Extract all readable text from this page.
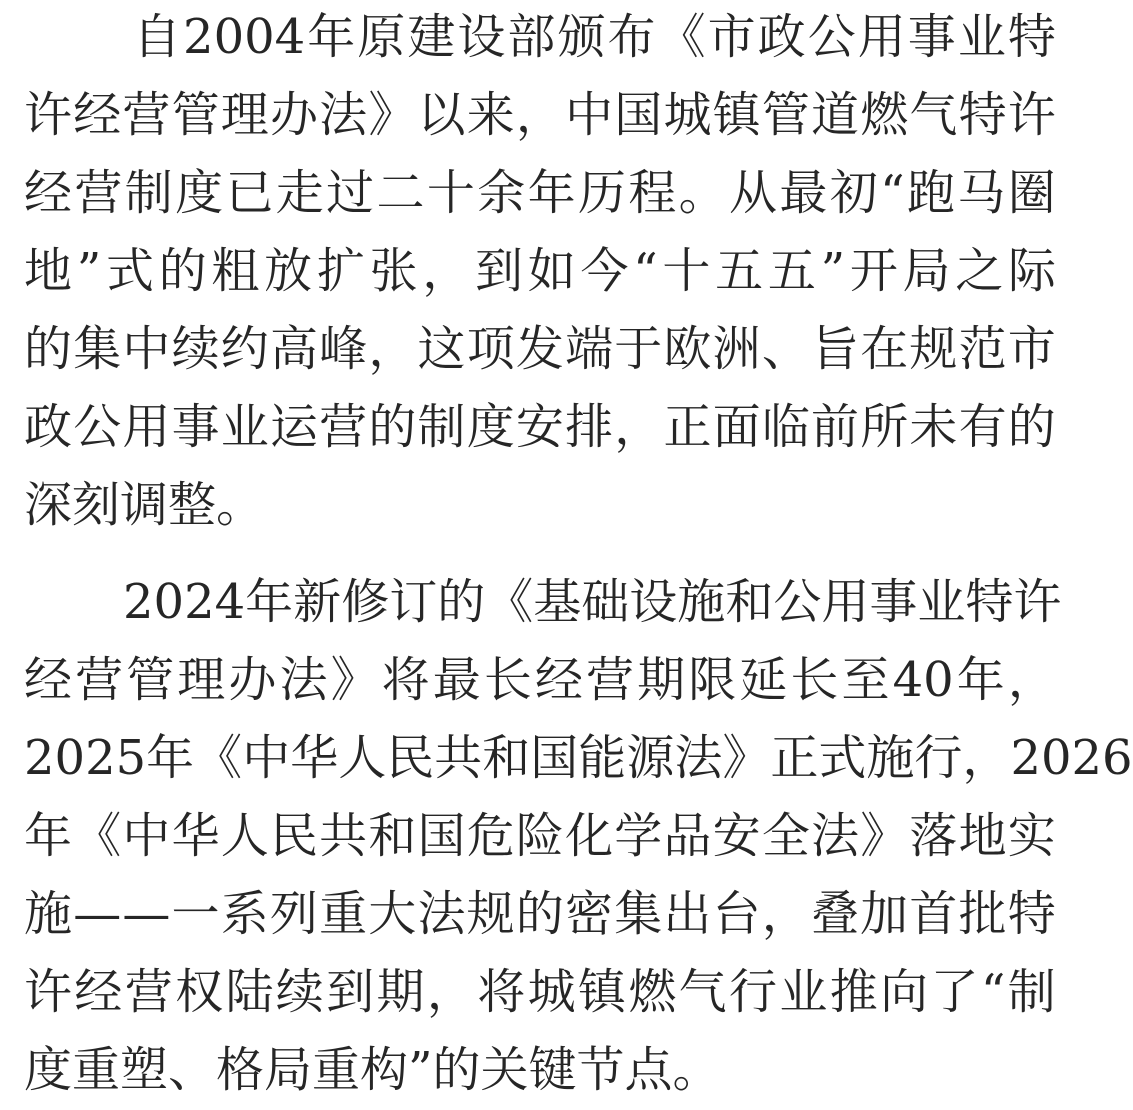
自 2004 年 原 建 设 部 颁 布 《 市 政 公 用 事 业 特
许 经 营 管 理 办 法 》 以 来 ， 中 国 城 镇 管 道 燃 气 特 许
经 营 制 度 已 走 过 二 十 余 年 历 程 。 从 最 初 “ 跑 马 圈
地 ” 式 的 粗 放 扩 张 ， 到 如 今 “ 十 五 五 ” 开 局 之 际
的 集 中 续 约 高 峰 ， 这 项 发 端 于 欧 洲 、 旨 在 规 范 市
政 公 用 事 业 运 营 的 制 度 安 排 ， 正 面 临 前 所 未 有 的
深刻调整。
2024 年 新 修 订 的 《 基 础 设 施 和 公 用 事 业 特 许
经 营 管 理 办 法 》 将 最 长 经 营 期 限 延 长 至 40 年 ，
2025 年 《 中 华 人 民 共 和 国 能 源 法 》 正 式 施 行 ， 2026
年 《 中 华 人 民 共 和 国 危 险 化 学 品 安 全 法 》 落 地 实
施 — — 一 系 列 重 大 法 规 的 密 集 出 台 ， 叠 加 首 批 特
许 经 营 权 陆 续 到 期 ， 将 城 镇 燃 气 行 业 推 向 了 “ 制
度重塑、格局重构”的关键节点。
